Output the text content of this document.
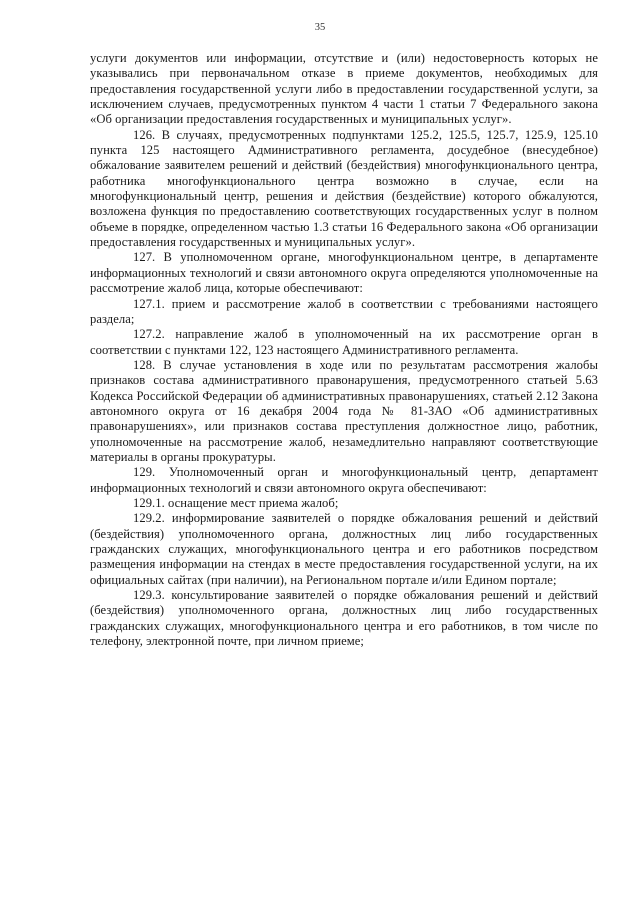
35

услуги документов или информации, отсутствие и (или) недостоверность которых не указывались при первоначальном отказе в приеме документов, необходимых для предоставления государственной услуги либо в предоставлении государственной услуги, за исключением случаев, предусмотренных пунктом 4 части 1 статьи 7 Федерального закона «Об организации предоставления государственных и муниципальных услуг».

126. В случаях, предусмотренных подпунктами 125.2, 125.5, 125.7, 125.9, 125.10 пункта 125 настоящего Административного регламента, досудебное (внесудебное) обжалование заявителем решений и действий (бездействия) многофункционального центра, работника многофункционального центра возможно в случае, если на многофункциональный центр, решения и действия (бездействие) которого обжалуются, возложена функция по предоставлению соответствующих государственных услуг в полном объеме в порядке, определенном частью 1.3 статьи 16 Федерального закона «Об организации предоставления государственных и муниципальных услуг».

127. В уполномоченном органе, многофункциональном центре, в департаменте информационных технологий и связи автономного округа определяются уполномоченные на рассмотрение жалоб лица, которые обеспечивают:

127.1. прием и рассмотрение жалоб в соответствии с требованиями настоящего раздела;

127.2. направление жалоб в уполномоченный на их рассмотрение орган в соответствии с пунктами 122, 123 настоящего Административного регламента.

128. В случае установления в ходе или по результатам рассмотрения жалобы признаков состава административного правонарушения, предусмотренного статьей 5.63 Кодекса Российской Федерации об административных правонарушениях, статьей 2.12 Закона автономного округа от 16 декабря 2004 года № 81-ЗАО «Об административных правонарушениях», или признаков состава преступления должностное лицо, работник, уполномоченные на рассмотрение жалоб, незамедлительно направляют соответствующие материалы в органы прокуратуры.

129. Уполномоченный орган и многофункциональный центр, департамент информационных технологий и связи автономного округа обеспечивают:

129.1. оснащение мест приема жалоб;

129.2. информирование заявителей о порядке обжалования решений и действий (бездействия) уполномоченного органа, должностных лиц либо государственных гражданских служащих, многофункционального центра и его работников посредством размещения информации на стендах в месте предоставления государственной услуги, на их официальных сайтах (при наличии), на Региональном портале и/или Едином портале;

129.3. консультирование заявителей о порядке обжалования решений и действий (бездействия) уполномоченного органа, должностных лиц либо государственных гражданских служащих, многофункционального центра и его работников, в том числе по телефону, электронной почте, при личном приеме;
